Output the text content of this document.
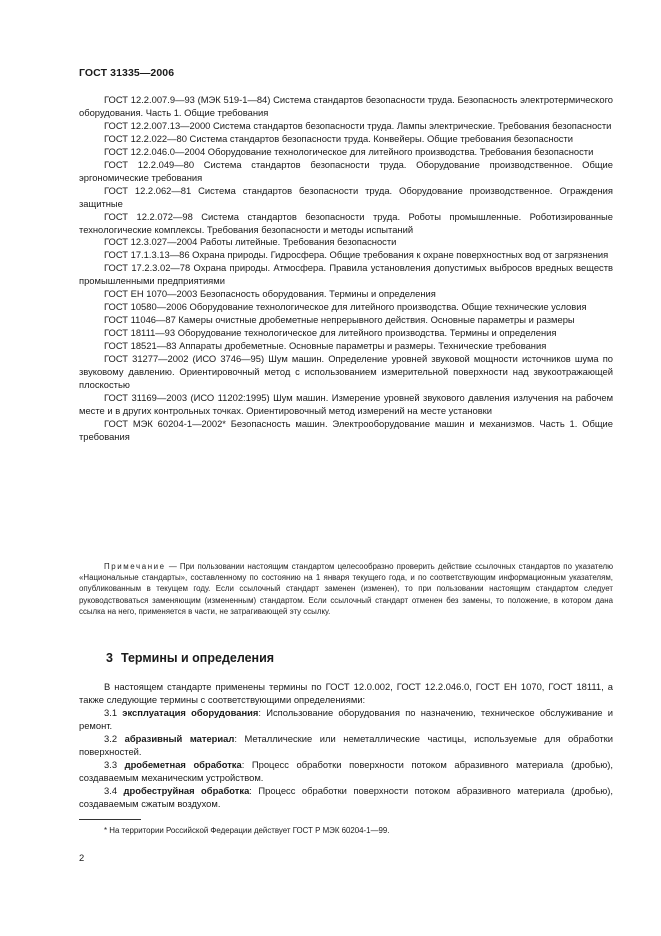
ГОСТ 31335—2006

ГОСТ 12.2.007.9—93 (МЭК 519-1—84) Система стандартов безопасности труда. Безопасность электротермического оборудования. Часть 1. Общие требования

ГОСТ 12.2.007.13—2000 Система стандартов безопасности труда. Лампы электрические. Требования безопасности

ГОСТ 12.2.022—80 Система стандартов безопасности труда. Конвейеры. Общие требования безопасности

ГОСТ 12.2.046.0—2004 Оборудование технологическое для литейного производства. Требования безопасности

ГОСТ 12.2.049—80 Система стандартов безопасности труда. Оборудование производственное. Общие эргономические требования

ГОСТ 12.2.062—81 Система стандартов безопасности труда. Оборудование производственное. Ограждения защитные

ГОСТ 12.2.072—98 Система стандартов безопасности труда. Роботы промышленные. Роботизированные технологические комплексы. Требования безопасности и методы испытаний

ГОСТ 12.3.027—2004 Работы литейные. Требования безопасности

ГОСТ 17.1.3.13—86 Охрана природы. Гидросфера. Общие требования к охране поверхностных вод от загрязнения

ГОСТ 17.2.3.02—78 Охрана природы. Атмосфера. Правила установления допустимых выбросов вредных веществ промышленными предприятиями

ГОСТ ЕН 1070—2003 Безопасность оборудования. Термины и определения

ГОСТ 10580—2006 Оборудование технологическое для литейного производства. Общие технические условия

ГОСТ 11046—87 Камеры очистные дробеметные непрерывного действия. Основные параметры и размеры

ГОСТ 18111—93 Оборудование технологическое для литейного производства. Термины и определения

ГОСТ 18521—83 Аппараты дробеметные. Основные параметры и размеры. Технические требования

ГОСТ 31277—2002 (ИСО 3746—95) Шум машин. Определение уровней звуковой мощности источников шума по звуковому давлению. Ориентировочный метод с использованием измерительной поверхности над звукоотражающей плоскостью

ГОСТ 31169—2003 (ИСО 11202:1995) Шум машин. Измерение уровней звукового давления излучения на рабочем месте и в других контрольных точках. Ориентировочный метод измерений на месте установки

ГОСТ МЭК 60204-1—2002* Безопасность машин. Электрооборудование машин и механизмов. Часть 1. Общие требования

Примечание — При пользовании настоящим стандартом целесообразно проверить действие ссылочных стандартов по указателю «Национальные стандарты», составленному по состоянию на 1 января текущего года, и по соответствующим информационным указателям, опубликованным в текущем году. Если ссылочный стандарт заменен (изменен), то при пользовании настоящим стандартом следует руководствоваться заменяющим (измененным) стандартом. Если ссылочный стандарт отменен без замены, то положение, в котором дана ссылка на него, применяется в части, не затрагивающей эту ссылку.
3 Термины и определения

В настоящем стандарте применены термины по ГОСТ 12.0.002, ГОСТ 12.2.046.0, ГОСТ ЕН 1070, ГОСТ 18111, а также следующие термины с соответствующими определениями:

3.1 эксплуатация оборудования: Использование оборудования по назначению, техническое обслуживание и ремонт.

3.2 абразивный материал: Металлические или неметаллические частицы, используемые для обработки поверхностей.

3.3 дробеметная обработка: Процесс обработки поверхности потоком абразивного материала (дробью), создаваемым механическим устройством.

3.4 дробеструйная обработка: Процесс обработки поверхности потоком абразивного материала (дробью), создаваемым сжатым воздухом.

* На территории Российской Федерации действует ГОСТ Р МЭК 60204-1—99.
2
